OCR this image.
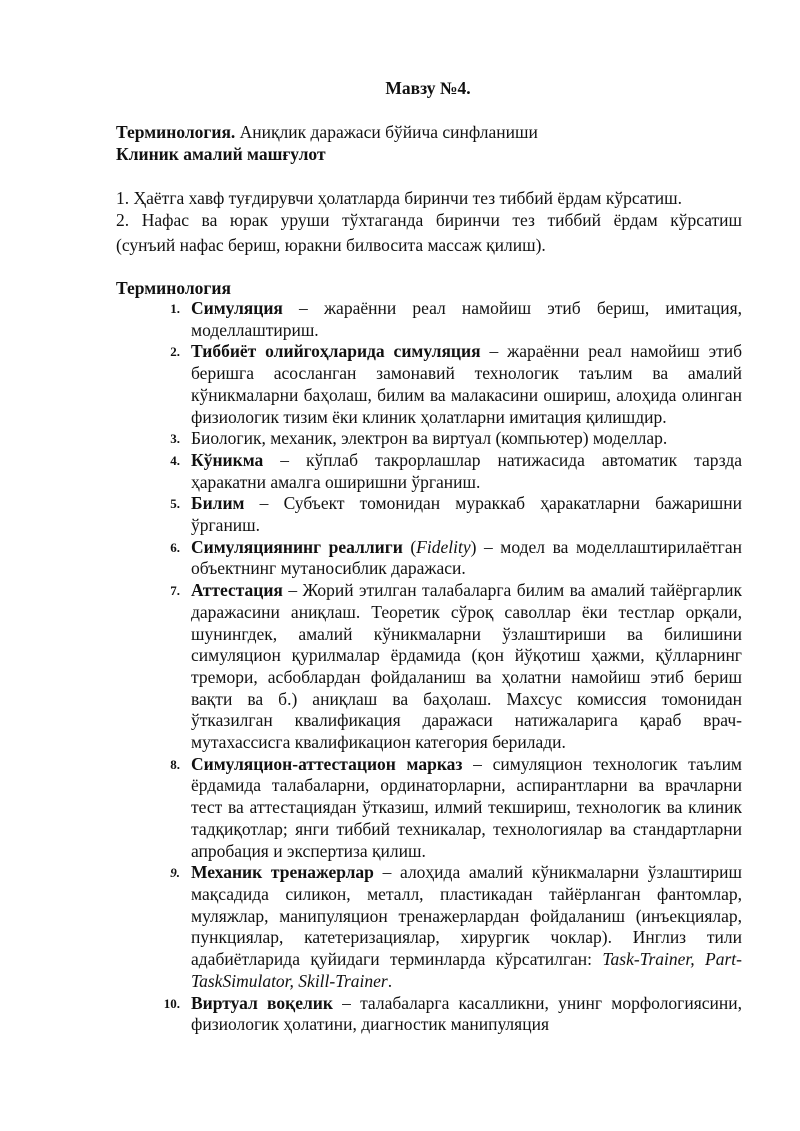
Мавзу №4.
Терминология. Аниқлик даражаси бўйича синфланиши
Клиник амалий машғулот
1. Ҳаётга хавф туғдирувчи ҳолатларда биринчи тез тиббий ёрдам кўрсатиш.
2. Нафас ва юрак уруши тўхтаганда биринчи тез тиббий ёрдам кўрсатиш
(сунъий нафас бериш, юракни билвосита массаж қилиш).
Терминология
1. Симуляция – жараённи реал намойиш этиб бериш, имитация, моделлаштириш.
2. Тиббиёт олийгоҳларида симуляция – жараённи реал намойиш этиб беришга асосланган замонавий технологик таълим ва амалий кўникмаларни баҳолаш, билим ва малакасини ошириш, алоҳида олинган физиологик тизим ёки клиник ҳолатларни имитация қилишдир.
3. Биологик, механик, электрон ва виртуал (компьютер) моделлар.
4. Кўникма – кўплаб такрорлашлар натижасида автоматик тарзда ҳаракатни амалга оширишни ўрганиш.
5. Билим – Субъект томонидан мураккаб ҳаракатларни бажаришни ўрганиш.
6. Симуляциянинг реаллиги (Fidelity) – модел ва моделлаштирилаётган объектнинг мутаносиблик даражаси.
7. Аттестация – Жорий этилган талабаларга билим ва амалий тайёргарлик даражасини аниқлаш. Теоретик сўроқ саволлар ёки тестлар орқали, шунингдек, амалий кўникмаларни ўзлаштириши ва билишини симуляцион қурилмалар ёрдамида (қон йўқотиш ҳажми, қўлларнинг тремори, асбоблардан фойдаланиш ва ҳолатни намойиш этиб бериш вақти ва б.) аниқлаш ва баҳолаш. Махсус комиссия томонидан ўтказилган квалификация даражаси натижаларига қараб врач-мутахассисга квалификацион категория берилади.
8. Симуляцион-аттестацион марказ – симуляцион технологик таълим ёрдамида талабаларни, ординаторларни, аспирантларни ва врачларни тест ва аттестациядан ўтказиш, илмий текшириш, технологик ва клиник тадқиқотлар; янги тиббий техникалар, технологиялар ва стандартларни апробация и экспертиза қилиш.
9. Механик тренажерлар – алоҳида амалий кўникмаларни ўзлаштириш мақсадида силикон, металл, пластикадан тайёрланган фантомлар, муляжлар, манипуляцион тренажерлардан фойдаланиш (инъекциялар, пункциялар, катетеризациялар, хирургик чоклар). Инглиз тили адабиётларида қуйидаги терминларда кўрсатилган: Task-Trainer, Part-TaskSimulator, Skill-Trainer.
10. Виртуал воқелик – талабаларга касалликни, унинг морфологиясини, физиологик ҳолатини, диагностик манипуляция
